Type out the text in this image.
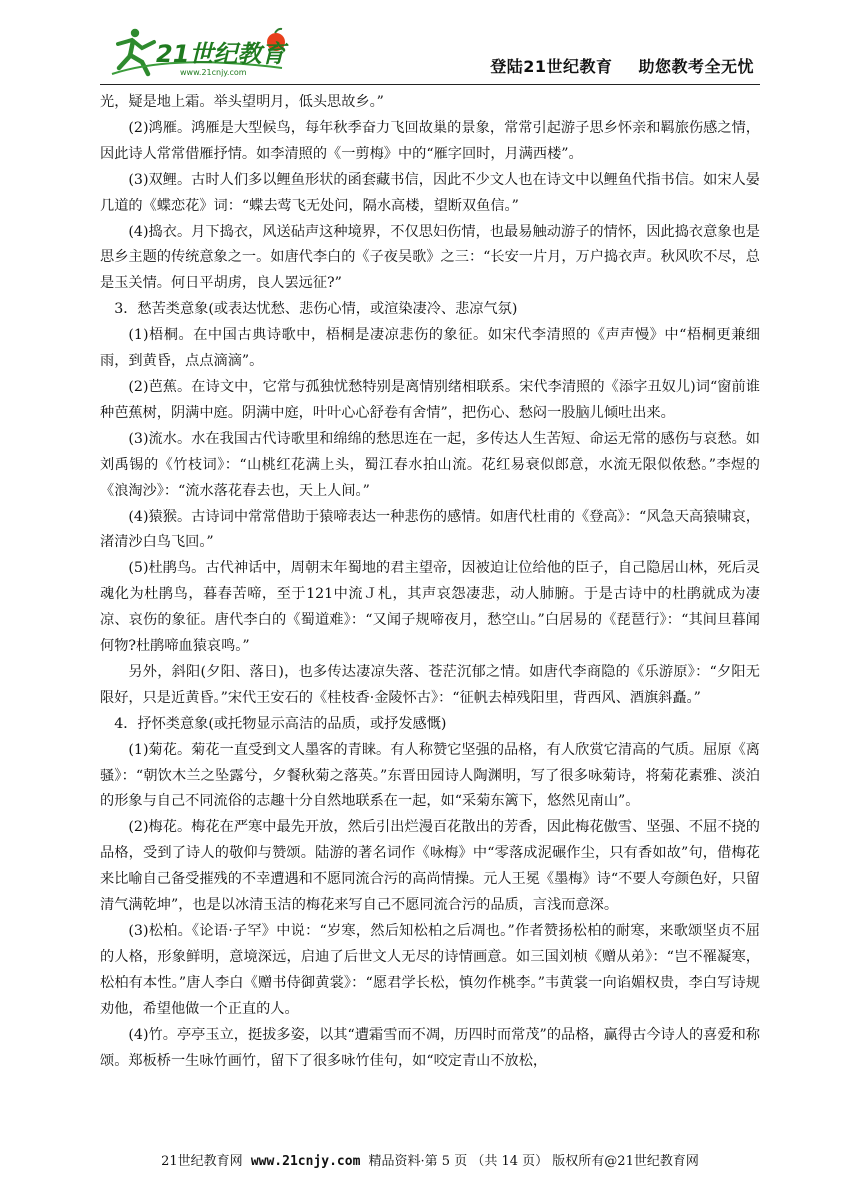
21世纪教育
www.21cnjy.com	登陆21世纪教育 助您教考全无忧

光，疑是地上霜。举头望明月，低头思故乡。”

(2)鸿雁。鸿雁是大型候鸟，每年秋季奋力飞回故巢的景象，常常引起游子思乡怀亲和羁旅伤感之情，因此诗人常常借雁抒情。如李清照的《一剪梅》中的“雁字回时，月满西楼”。

(3)双鲤。古时人们多以鲤鱼形状的函套藏书信，因此不少文人也在诗文中以鲤鱼代指书信。如宋人晏几道的《蝶恋花》词：“蝶去莺飞无处问，隔水高楼，望断双鱼信。”

(4)捣衣。月下捣衣，风送砧声这种境界，不仅思妇伤情，也最易触动游子的情怀，因此捣衣意象也是思乡主题的传统意象之一。如唐代李白的《子夜吴歌》之三：“长安一片月，万户捣衣声。秋风吹不尽，总是玉关情。何日平胡虏，良人罢远征?”

3．愁苦类意象(或表达忧愁、悲伤心情，或渲染凄冷、悲凉气氛)

(1)梧桐。在中国古典诗歌中，梧桐是凄凉悲伤的象征。如宋代李清照的《声声慢》中“梧桐更兼细雨，到黄昏，点点滴滴”。

(2)芭蕉。在诗文中，它常与孤独忧愁特别是离情别绪相联系。宋代李清照的《添字丑奴儿)词“窗前谁种芭蕉树，阴满中庭。阴满中庭，叶叶心心舒卷有舍情”，把伤心、愁闷一股脑儿倾吐出来。

(3)流水。水在我国古代诗歌里和绵绵的愁思连在一起，多传达人生苦短、命运无常的感伤与哀愁。如刘禹锡的《竹枝词》：“山桃红花满上头，蜀江春水拍山流。花红易衰似郎意，水流无限似侬愁。”李煜的《浪淘沙》：“流水落花春去也，天上人间。”

(4)猿猴。古诗词中常常借助于猿啼表达一种悲伤的感情。如唐代杜甫的《登高》：“风急天高猿啸哀，渚清沙白鸟飞回。”

(5)杜鹃鸟。古代神话中，周朝末年蜀地的君主望帝，因被迫让位给他的臣子，自己隐居山林，死后灵魂化为杜鹃鸟，暮春苦啼，至于121中流Ｊ札，其声哀怨凄悲，动人肺腑。于是古诗中的杜鹃就成为凄凉、哀伤的象征。唐代李白的《蜀道难》：“又闻子规啼夜月，愁空山。”白居易的《琵琶行》：“其间旦暮闻何物?杜鹃啼血猿哀鸣。”

另外，斜阳(夕阳、落日)，也多传达凄凉失落、苍茫沉郁之情。如唐代李商隐的《乐游原》：“夕阳无限好，只是近黄昏。”宋代王安石的《桂枝香·金陵怀古》：“征帆去棹残阳里，背西风、酒旗斜矗。”

4．抒怀类意象(或托物显示高洁的品质，或抒发感慨)

(1)菊花。菊花一直受到文人墨客的青睐。有人称赞它坚强的品格，有人欣赏它清高的气质。屈原《离骚》：“朝饮木兰之坠露兮，夕餐秋菊之落英。”东晋田园诗人陶渊明，写了很多咏菊诗，将菊花素雅、淡泊的形象与自己不同流俗的志趣十分自然地联系在一起，如“采菊东篱下，悠然见南山”。

(2)梅花。梅花在严寒中最先开放，然后引出烂漫百花散出的芳香，因此梅花傲雪、坚强、不屈不挠的品格，受到了诗人的敬仰与赞颂。陆游的著名词作《咏梅》中“零落成泥碾作尘，只有香如故”句，借梅花来比喻自己备受摧残的不幸遭遇和不愿同流合污的高尚情操。元人王冕《墨梅》诗“不要人夸颜色好，只留清气满乾坤”，也是以冰清玉洁的梅花来写自己不愿同流合污的品质，言浅而意深。

(3)松柏。《论语·子罕》中说：“岁寒，然后知松柏之后凋也。”作者赞扬松柏的耐寒，来歌颂坚贞不屈的人格，形象鲜明，意境深远，启迪了后世文人无尽的诗情画意。如三国刘桢《赠从弟》：“岂不罹凝寒，松柏有本性。”唐人李白《赠书侍御黄裳》：“愿君学长松，慎勿作桃李。”韦黄裳一向谄媚权贵，李白写诗规劝他，希望他做一个正直的人。

(4)竹。亭亭玉立，挺拔多姿，以其“遭霜雪而不凋，历四时而常茂”的品格，赢得古今诗人的喜爱和称颂。郑板桥一生咏竹画竹，留下了很多咏竹佳句，如“咬定青山不放松，

21世纪教育网 www.21cnjy.com 精品资料·第 5 页 （共 14 页） 版权所有@21世纪教育网
